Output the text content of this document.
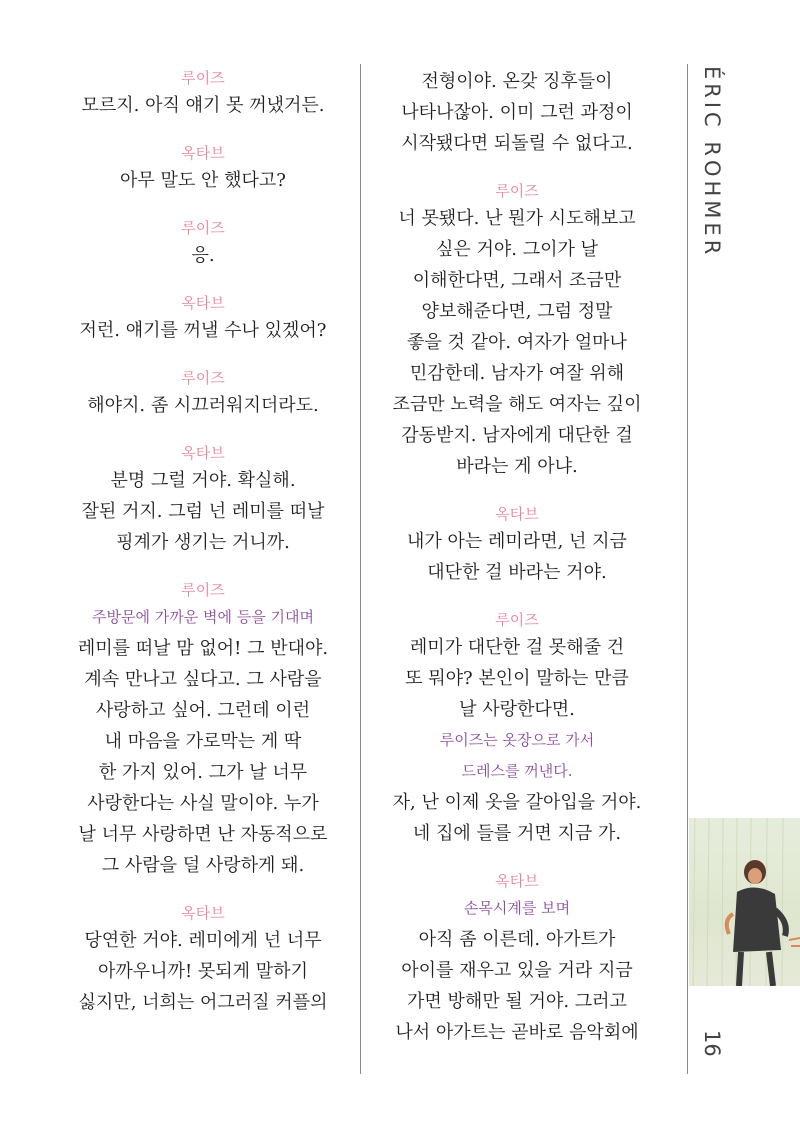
루이즈
모르지. 아직 얘기 못 꺼냈거든.
옥타브
아무 말도 안 했다고?
루이즈
응.
옥타브
저런. 얘기를 꺼낼 수나 있겠어?
루이즈
해야지. 좀 시끄러워지더라도.
옥타브
분명 그럴 거야. 확실해.
잘된 거지. 그럼 넌 레미를 떠날
핑계가 생기는 거니까.
루이즈
주방문에 가까운 벽에 등을 기대며
레미를 떠날 맘 없어! 그 반대야.
계속 만나고 싶다고. 그 사람을
사랑하고 싶어. 그런데 이런
내 마음을 가로막는 게 딱
한 가지 있어. 그가 날 너무
사랑한다는 사실 말이야. 누가
날 너무 사랑하면 난 자동적으로
그 사람을 덜 사랑하게 돼.
옥타브
당연한 거야. 레미에게 넌 너무
아까우니까! 못되게 말하기
싫지만, 너희는 어그러질 커플의
전형이야. 온갖 징후들이
나타나잖아. 이미 그런 과정이
시작됐다면 되돌릴 수 없다고.
루이즈
너 못됐다. 난 뭔가 시도해보고
싶은 거야. 그이가 날
이해한다면, 그래서 조금만
양보해준다면, 그럼 정말
좋을 것 같아. 여자가 얼마나
민감한데. 남자가 여잘 위해
조금만 노력을 해도 여자는 깊이
감동받지. 남자에게 대단한 걸
바라는 게 아냐.
옥타브
내가 아는 레미라면, 넌 지금
대단한 걸 바라는 거야.
루이즈
레미가 대단한 걸 못해줄 건
또 뭐야? 본인이 말하는 만큼
날 사랑한다면.
루이즈는 옷장으로 가서
드레스를 꺼낸다.
자, 난 이제 옷을 갈아입을 거야.
네 집에 들를 거면 지금 가.
옥타브
손목시계를 보며
아직 좀 이른데. 아가트가
아이를 재우고 있을 거라 지금
가면 방해만 될 거야. 그러고
나서 아가트는 곧바로 음악회에
ÉRIC ROHMER
16
